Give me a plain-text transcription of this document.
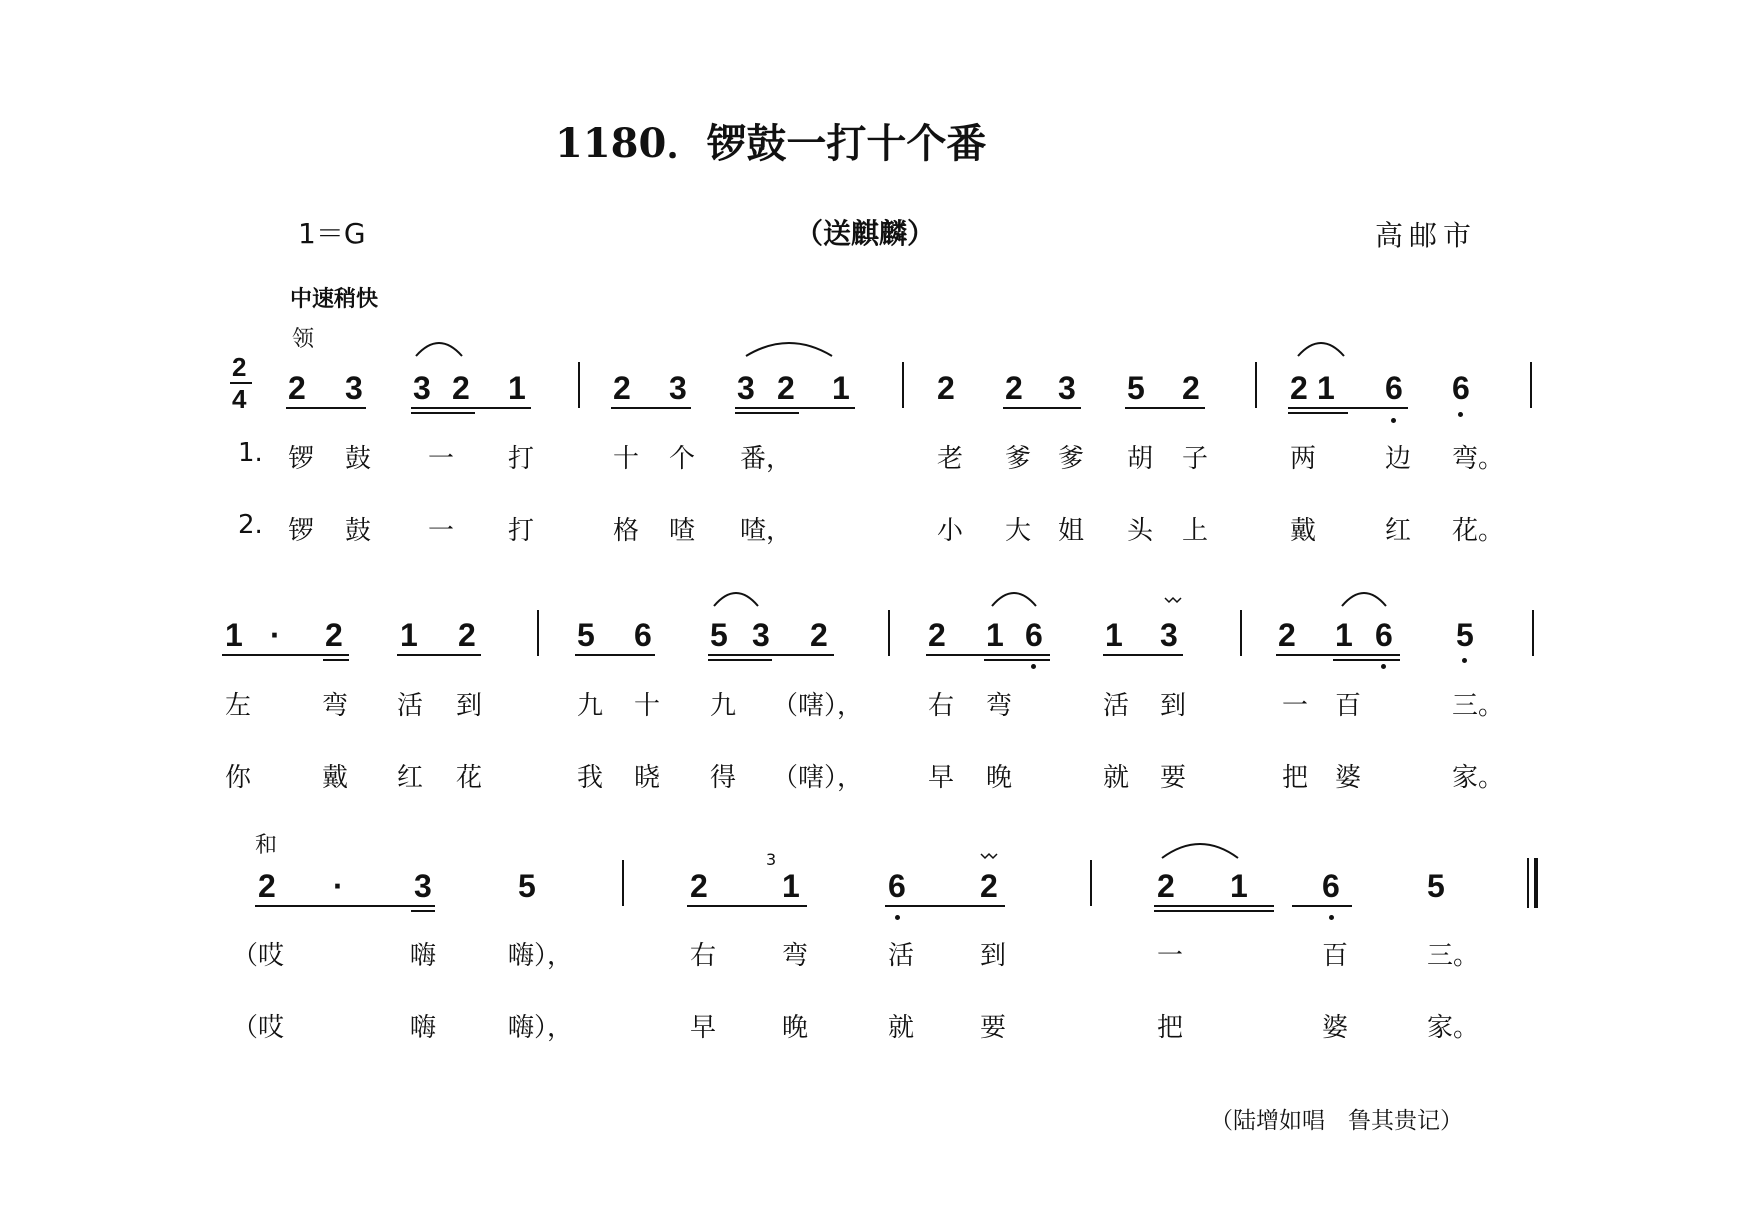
1180．锣鼓一打十个番
1＝G	（送麒麟）	高邮市
中速稍快
领
2
4 2 3 3 2 1	2 3 3 2 1	2 2 3 5 2	2 1 6 6
1. 锣 鼓 一 打	十 个 番，	老 爹 爹 胡 子	两	边 弯。
2. 锣 鼓 一 打	格 喳 喳，	小 大 姐 头 上	戴	红 花。
1 · 2 1 2	5 6 5 3 2	2 1 6 1 3	2 1 6 5
左	弯 活 到	九 十 九 （嗐）， 右 弯	活 到	一 百	三。
你	戴 红 花	我 晓 得 （嗐）， 早 晚	就 要	把 婆	家。
和
2 · 3	5	2
3
1	6 2	2 1 6	5
（哎	嗨	嗨），	右	弯	活	到	一	百	三。
（哎	嗨	嗨），	早	晚	就	要	把	婆	家。
（陆增如唱　鲁其贵记）
